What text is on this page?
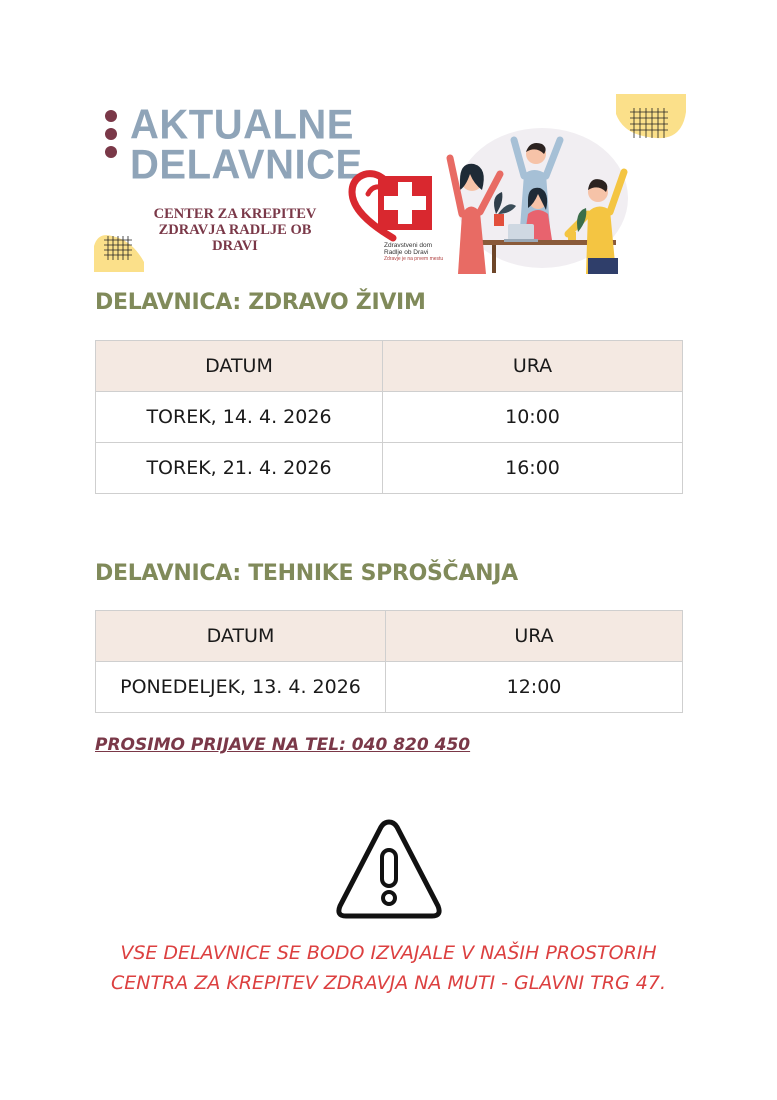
AKTUALNE
DELAVNICE
CENTER ZA KREPITEV ZDRAVJA RADLJE OB DRAVI	Zdravstveni dom
Radlje ob Dravi
Zdravje je na prvem mestu
DELAVNICA: ZDRAVO ŽIVIM
DATUM	URA
TOREK, 14. 4. 2026	10:00
TOREK, 21. 4. 2026	16:00
DELAVNICA: TEHNIKE SPROŠČANJA
DATUM	URA
PONEDELJEK, 13. 4. 2026	12:00
PROSIMO PRIJAVE NA TEL: 040 820 450
VSE DELAVNICE SE BODO IZVAJALE V NAŠIH PROSTORIH
CENTRA ZA KREPITEV ZDRAVJA NA MUTI - GLAVNI TRG 47.
